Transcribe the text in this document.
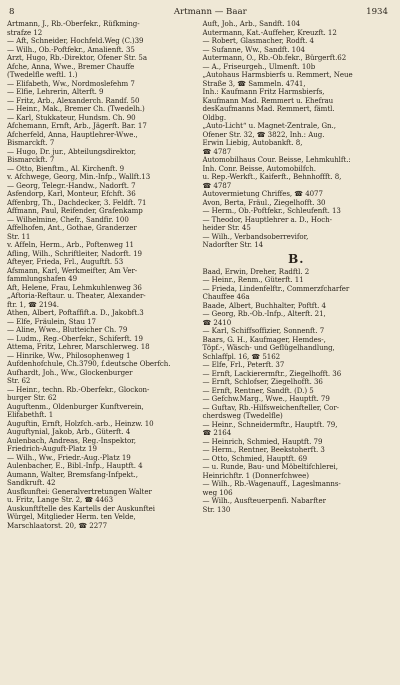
8	Artmann — Baar	1934
Artmann, J., Rb.-Oberfekr., Rüfkming-
strafze 12
— Aft, Schneider, Hochfeld.Weg (C.)39
— Wilh., Ob.-Poftfekr., Amalienft. 35
Arzt, Hugo, Rb.-Direktor, Ofener Str. 5a
Afche, Anna, Wwe., Bremer Chauffe
(Twedelfle weftl. 1.)
— Elifabeth, Ww., Nordmoslefehm 7
— Elfie, Lehrerin, Alterft. 9
— Fritz, Arb., Alexanderch. Randf. 50
— Heinr., Mak., Bremer Ch. (Twedelh.)
— Karl, Stukkateur, Hundsm. Ch. 90
Afchemann, Ernft, Arb., Jägerft. Bar. 17
Afcherfeld, Anna, Hauptlehrer-Wwe.,
Bismarckft. 7
— Hugo, Dr. jur., Abteilungsdirektor,
Bismarckft. 7
— Otto, Bienftm., Al. Kirchenft. 9
v. Afchwege, Georg, Min.-Infp., Wallft.13
— Georg, Telegr.-Handw., Nadorft. 7
Asfendorp, Karl, Monteur, Efchft. 36
Affenbrg, Th., Dachdecker, 3. Feldft. 71
Affmann, Paul, Reifender, Grafenkamp
— Wilhelmine, Chefr., Sandfir. 100
Affelhofen, Ant., Gothae, Granderzer
Str. 11
v. Affeln, Herm., Arb., Poftenweg 11
Afling, Wilh., Schriftleiter, Nadorft. 19
Afteyer, Frieda, Frl., Auguftft. 53
Afsmann, Karl, Werkmeifter, Am Ver-
fammlungshafen 49
Aft, Helene, Frau, Lehmkuhlenweg 36
„Aftoria-Reftaur. u. Theater, Alexander-
ftr. 1, ☎ 2194.
Athen, Albert, Poftaffift.a. D., Jakobft.3
— Elfe, Fräulein, Stau 17
— Aline, Wwe., Blutteicher Ch. 79
— Ludm., Reg.-Oberfekr., Schiferft. 19
Attema, Fritz, Lehrer, Marschlerweg. 18
— Hinrike, Ww., Philosophenweg 1
Aufdenhofchule, Ch.3790, f.deutsche Oberfch.
Aufhardt, Joh., Ww., Glockenburger
Str. 62
— Heinr., techn. Rb.-Oberfekr., Glockon-
burger Str. 62
Auguftenm., Oldenburger Kunftverein,
Elifabethft. 1
Auguftin, Ernft, Holzfch.-arb., Heinzw. 10
Auguftynial, Jakob, Arb., Güterft. 4
Aulenbach, Andreas, Reg.-Inspektor,
Friedrich-Auguft-Platz 19
— Wilh., Ww., Friedr.-Aug.-Platz 19
Aulenbacher, E., Bibl.-Infp., Hauptft. 4
Aumann, Walter, Bremsfang-Infpekt.,
Sandkruft. 42
Ausfkunftei: Generalvertretungen Walter
u. Fritz, Lange Str. 2, ☎ 4463
Auskunftftelle des Kartells der Auskunftei
Würgel, Mitglieder Herm. ten Velde,
Marschlaatorst. 20, ☎ 2277
Auft, Joh., Arb., Sandft. 104
Autermann, Kat.-Auffeher, Kreuzft. 12
— Robert, Glasmacher, Rodft. 4
— Sufanne, Ww., Sandft. 104
Autermann, O., Rb.-Ob.fekr., Bürgerft.62
— A., Friseurgeh., Ulmenft. 10b
„Autohaus Harmsbierfs u. Remmert, Neue
Straße 3, ☎ Sammeln. 4741,
Inh.: Kaufmann Fritz Harmsbierfs,
Kaufmann Mad. Remmert u. Ehefrau
desKaufmanns Mad. Remmert, fämtl.
Oldbg.
„Auto-Licht“ u. Magnet-Zentrale, Gn.,
Ofener Str. 32, ☎ 3822, Inh.: Aug.
Erwin Liebig, Autobankft. 8,
☎ 4787
Automobilhaus Cour. Beisse, Lehmkuhlft.:
Inh. Conr. Beisse, Automobilfch.
u. Rep.-Werkft., Kaiferft., Behnhoffft. 8,
☎ 4787
Autovermietung Chriffes, ☎ 4077
Avon, Berta, Fräul., Ziegelhofft. 30
— Herm., Ob.-Poftfekr., Schleufenft. 13
— Theodor, Hauptlehrer a. D., Hoch-
heider Str. 45
— Wilh., Verbandsoberrevifor,
Nadorfter Str. 14
B.
Baad, Erwin, Dreher, Radftl. 2
— Heinr., Renm., Güterft. 11
— Frieda, Lindenfelftr., Commerzfcharfer
Chauffee 46a
Baade, Albert, Buchhalter, Poftft. 4
— Georg, Rb.-Ob.-Infp., Alterft. 21,
☎ 2410
— Karl, Schiffsoffizier, Sonnenft. 7
Baars, G. H., Kaufmager, Hemdes-,
Töpf.-, Wäsch- und Geflügelhandlung,
Schlaffpl. 16, ☎ 5162
— Elfe, Frl., Peterft. 37
— Ernft, Lackierermftr., Ziegelhofft. 36
— Ernft, Schlofser, Ziegelhofft. 36
— Ernft, Rentner, Sandft. (D.) 5
— Gefchw.Marg., Wwe., Hauptft. 79
— Guftav, Rb.-Hilfsweichenfteller, Cor-
cherdsweg (Twedelfle)
— Heinr., Schneidermftr., Hauptft. 79,
☎ 2164
— Heinrich, Schmied, Hauptft. 79
— Herm., Rentner, Beekstoherft. 3
— Otto, Schmied, Hauptft. 69
— u. Runde, Bau- und Möbeltifchlerei,
Heinrichftr. 1 (Donnerfchwee)
— Wilh., Rb.-Wagenauff., Lageslmanns-
weg 106
— Wilh., Ausfteuerpenfi. Nabarfter
Str. 130
